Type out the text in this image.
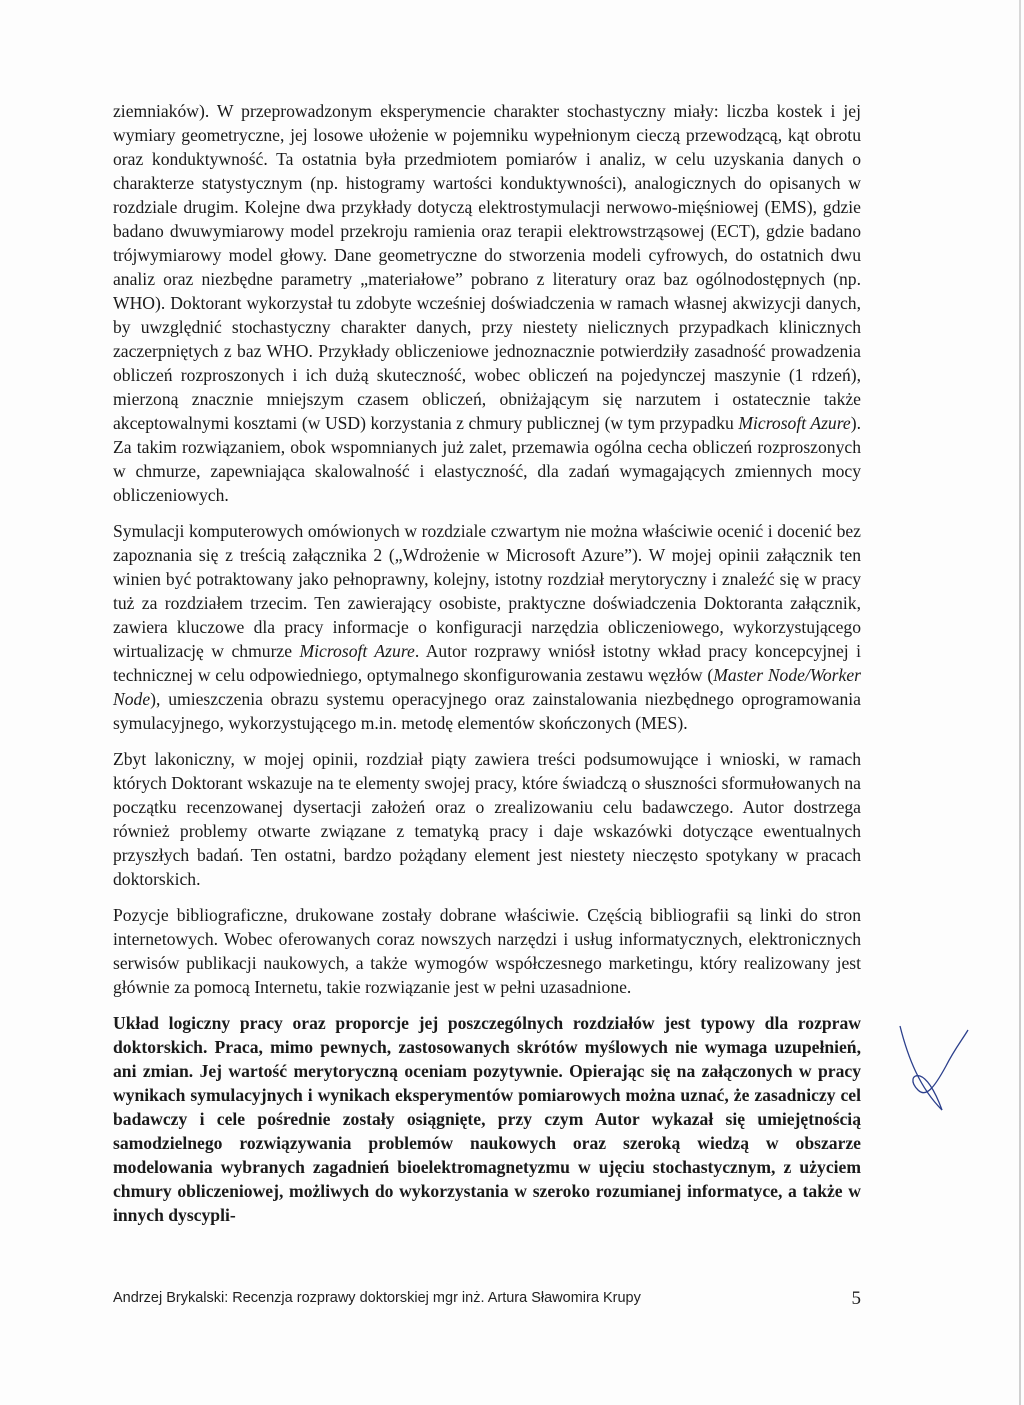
ziemniaków). W przeprowadzonym eksperymencie charakter stochastyczny miały: liczba kostek i jej wymiary geometryczne, jej losowe ułożenie w pojemniku wypełnionym cieczą przewodzącą, kąt obrotu oraz konduktywność. Ta ostatnia była przedmiotem pomiarów i analiz, w celu uzyskania danych o charakterze statystycznym (np. histogramy wartości konduktywności), analogicznych do opisanych w rozdziale drugim. Kolejne dwa przykłady dotyczą elektrostymulacji nerwowo-mięśniowej (EMS), gdzie badano dwuwymiarowy model przekroju ramienia oraz terapii elektrowstrząsowej (ECT), gdzie badano trójwymiarowy model głowy. Dane geometryczne do stworzenia modeli cyfrowych, do ostatnich dwu analiz oraz niezbędne parametry „materiałowe” pobrano z literatury oraz baz ogólnodostępnych (np. WHO). Doktorant wykorzystał tu zdobyte wcześniej doświadczenia w ramach własnej akwizycji danych, by uwzględnić stochastyczny charakter danych, przy niestety nielicznych przypadkach klinicznych zaczerpniętych z baz WHO. Przykłady obliczeniowe jednoznacznie potwierdziły zasadność prowadzenia obliczeń rozproszonych i ich dużą skuteczność, wobec obliczeń na pojedynczej maszynie (1 rdzeń), mierzoną znacznie mniejszym czasem obliczeń, obniżającym się narzutem i ostatecznie także akceptowalnymi kosztami (w USD) korzystania z chmury publicznej (w tym przypadku Microsoft Azure). Za takim rozwiązaniem, obok wspomnianych już zalet, przemawia ogólna cecha obliczeń rozproszonych w chmurze, zapewniająca skalowalność i elastyczność, dla zadań wymagających zmiennych mocy obliczeniowych.

Symulacji komputerowych omówionych w rozdziale czwartym nie można właściwie ocenić i docenić bez zapoznania się z treścią załącznika 2 („Wdrożenie w Microsoft Azure”). W mojej opinii załącznik ten winien być potraktowany jako pełnoprawny, kolejny, istotny rozdział merytoryczny i znaleźć się w pracy tuż za rozdziałem trzecim. Ten zawierający osobiste, praktyczne doświadczenia Doktoranta załącznik, zawiera kluczowe dla pracy informacje o konfiguracji narzędzia obliczeniowego, wykorzystującego wirtualizację w chmurze Microsoft Azure. Autor rozprawy wniósł istotny wkład pracy koncepcyjnej i technicznej w celu odpowiedniego, optymalnego skonfigurowania zestawu węzłów (Master Node/Worker Node), umieszczenia obrazu systemu operacyjnego oraz zainstalowania niezbędnego oprogramowania symulacyjnego, wykorzystującego m.in. metodę elementów skończonych (MES).

Zbyt lakoniczny, w mojej opinii, rozdział piąty zawiera treści podsumowujące i wnioski, w ramach których Doktorant wskazuje na te elementy swojej pracy, które świadczą o słuszności sformułowanych na początku recenzowanej dysertacji założeń oraz o zrealizowaniu celu badawczego. Autor dostrzega również problemy otwarte związane z tematyką pracy i daje wskazówki dotyczące ewentualnych przyszłych badań. Ten ostatni, bardzo pożądany element jest niestety nieczęsto spotykany w pracach doktorskich.

Pozycje bibliograficzne, drukowane zostały dobrane właściwie. Częścią bibliografii są linki do stron internetowych. Wobec oferowanych coraz nowszych narzędzi i usług informatycznych, elektronicznych serwisów publikacji naukowych, a także wymogów współczesnego marketingu, który realizowany jest głównie za pomocą Internetu, takie rozwiązanie jest w pełni uzasadnione.

Układ logiczny pracy oraz proporcje jej poszczególnych rozdziałów jest typowy dla rozpraw doktorskich. Praca, mimo pewnych, zastosowanych skrótów myślowych nie wymaga uzupełnień, ani zmian. Jej wartość merytoryczną oceniam pozytywnie. Opierając się na załączonych w pracy wynikach symulacyjnych i wynikach eksperymentów pomiarowych można uznać, że zasadniczy cel badawczy i cele pośrednie zostały osiągnięte, przy czym Autor wykazał się umiejętnością samodzielnego rozwiązywania problemów naukowych oraz szeroką wiedzą w obszarze modelowania wybranych zagadnień bioelektromagnetyzmu w ujęciu stochastycznym, z użyciem chmury obliczeniowej, możliwych do wykorzystania w szeroko rozumianej informatyce, a także w innych dyscypli-

Andrzej Brykalski: Recenzja rozprawy doktorskiej mgr inż. Artura Sławomira Krupy	5
